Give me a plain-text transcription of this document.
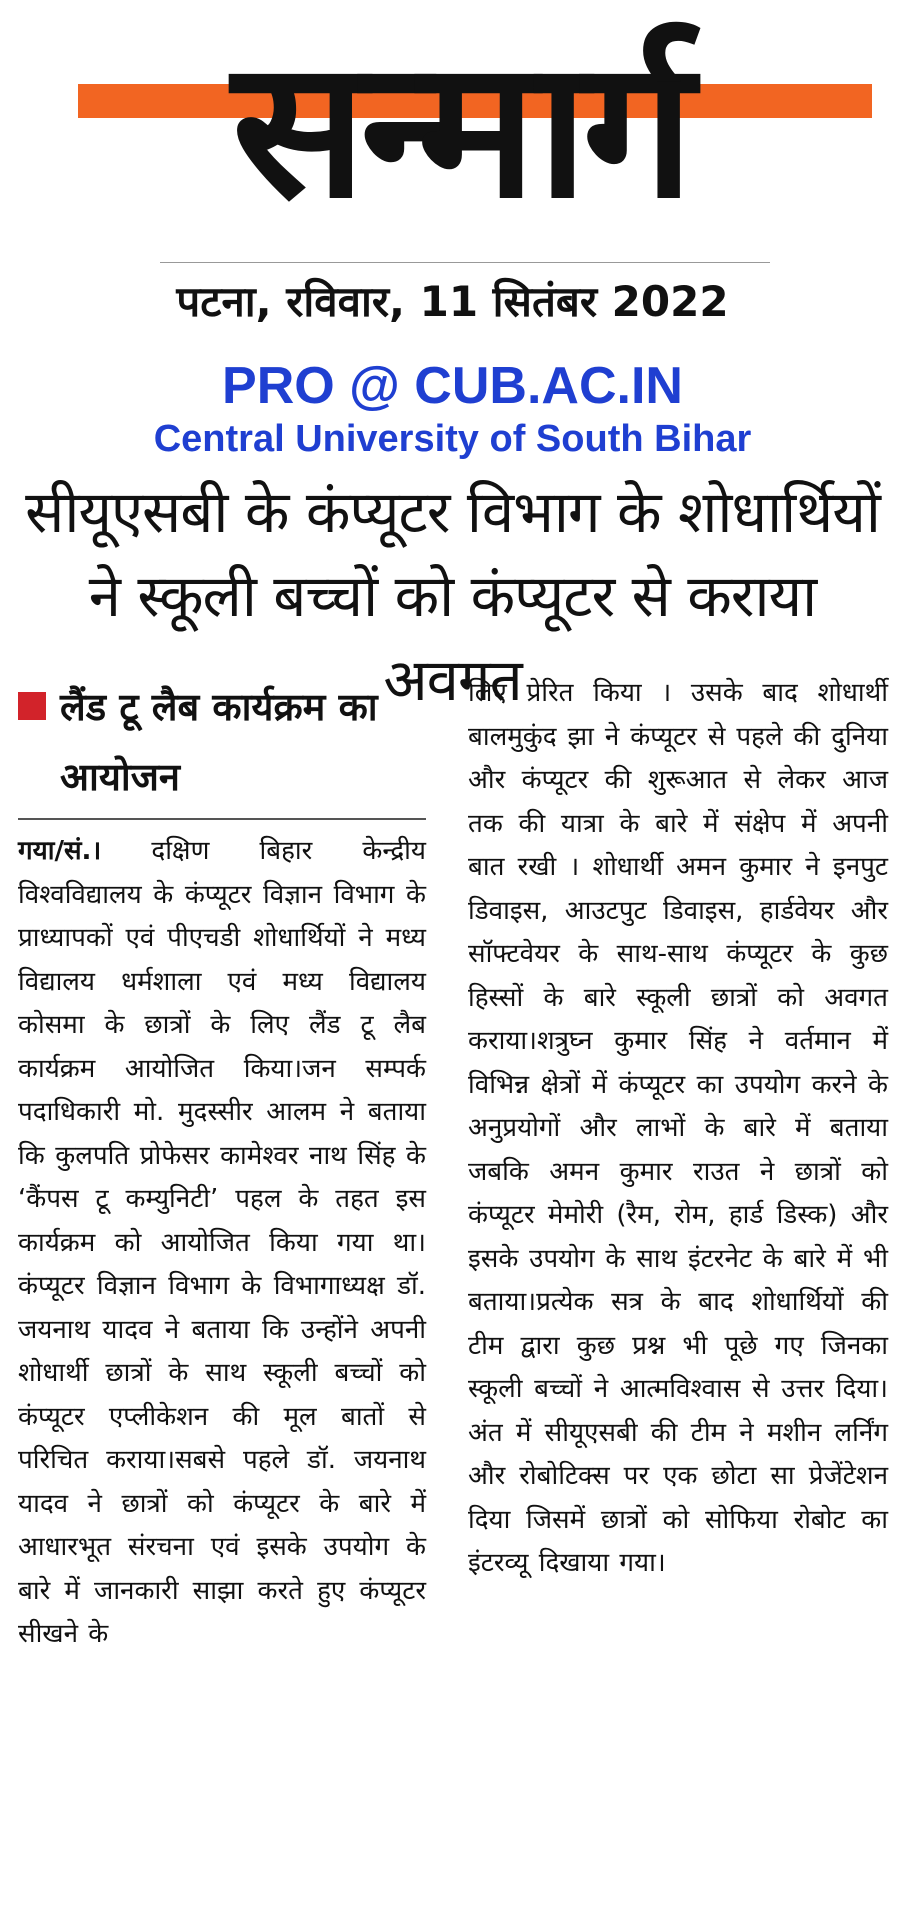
सन्मार्ग
पटना, रविवार, 11 सितंबर 2022
PRO @ CUB.AC.IN
Central University of South Bihar
सीयूएसबी के कंप्यूटर विभाग के शोधार्थियों ने स्कूली बच्चों को कंप्यूटर से कराया अवगत
लैंड टू लैब कार्यक्रम का आयोजन

गया/सं.। दक्षिण बिहार केन्द्रीय विश्वविद्यालय के कंप्यूटर विज्ञान विभाग के प्राध्यापकों एवं पीएचडी शोधार्थियों ने मध्य विद्यालय धर्मशाला एवं मध्य विद्यालय कोसमा के छात्रों के लिए लैंड टू लैब कार्यक्रम आयोजित किया।जन सम्पर्क पदाधिकारी मो. मुदस्सीर आलम ने बताया कि कुलपति प्रोफेसर कामेश्वर नाथ सिंह के ‘कैंपस टू कम्युनिटी’ पहल के तहत इस कार्यक्रम को आयोजित किया गया था। कंप्यूटर विज्ञान विभाग के विभागाध्यक्ष डॉ. जयनाथ यादव ने बताया कि उन्होंने अपनी शोधार्थी छात्रों के साथ स्कूली बच्चों को कंप्यूटर एप्लीकेशन की मूल बातों से परिचित कराया।सबसे पहले डॉ. जयनाथ यादव ने छात्रों को कंप्यूटर के बारे में आधारभूत संरचना एवं इसके उपयोग के बारे में जानकारी साझा करते हुए कंप्यूटर सीखने के

लिए प्रेरित किया । उसके बाद शोधार्थी बालमुकुंद झा ने कंप्यूटर से पहले की दुनिया और कंप्यूटर की शुरूआत से लेकर आज तक की यात्रा के बारे में संक्षेप में अपनी बात रखी । शोधार्थी अमन कुमार ने इनपुट डिवाइस, आउटपुट डिवाइस, हार्डवेयर और सॉफ्टवेयर के साथ-साथ कंप्यूटर के कुछ हिस्सों के बारे स्कूली छात्रों को अवगत कराया।शत्रुघ्न कुमार सिंह ने वर्तमान में विभिन्न क्षेत्रों में कंप्यूटर का उपयोग करने के अनुप्रयोगों और लाभों के बारे में बताया जबकि अमन कुमार राउत ने छात्रों को कंप्यूटर मेमोरी (रैम, रोम, हार्ड डिस्क) और इसके उपयोग के साथ इंटरनेट के बारे में भी बताया।प्रत्येक सत्र के बाद शोधार्थियों की टीम द्वारा कुछ प्रश्न भी पूछे गए जिनका स्कूली बच्चों ने आत्मविश्वास से उत्तर दिया। अंत में सीयूएसबी की टीम ने मशीन लर्निंग और रोबोटिक्स पर एक छोटा सा प्रेजेंटेशन दिया जिसमें छात्रों को सोफिया रोबोट का इंटरव्यू दिखाया गया।
